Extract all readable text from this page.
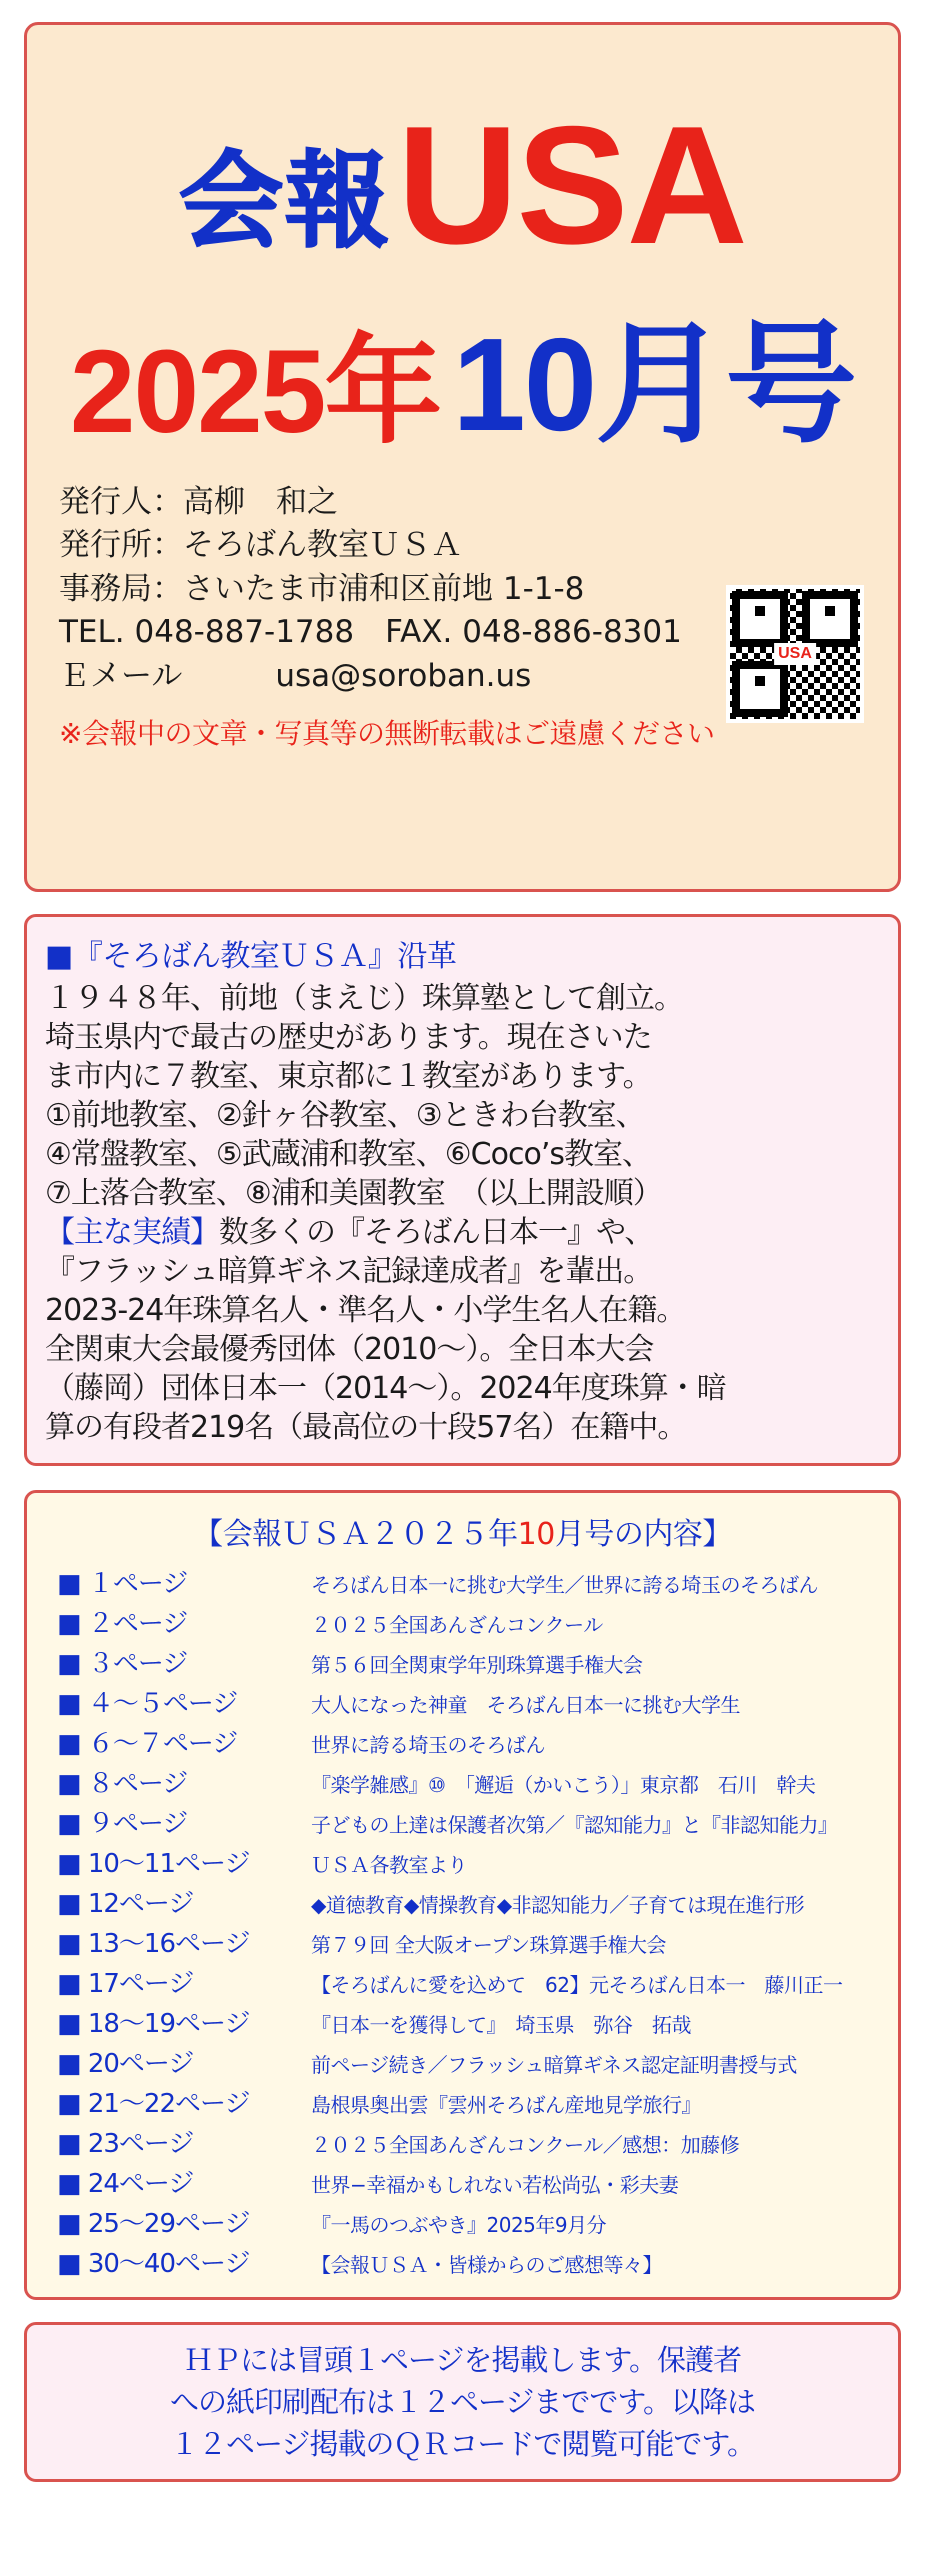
会報 USA
2025年 10月号
発行人：高柳　和之
発行所：そろばん教室ＵＳＡ
事務局：さいたま市浦和区前地 1-1-8
TEL. 048-887-1788　FAX. 048-886-8301
Ｅメール　　　usa@soroban.us
※会報中の文章・写真等の無断転載はご遠慮ください
USA
■『そろばん教室ＵＳＡ』沿革
１９４８年、前地（まえじ）珠算塾として創立。
埼玉県内で最古の歴史があります。現在さいた
ま市内に７教室、東京都に１教室があります。
①前地教室、②針ヶ谷教室、③ときわ台教室、
④常盤教室、⑤武蔵浦和教室、⑥Coco’s教室、
⑦上落合教室、⑧浦和美園教室　（以上開設順）
【主な実績】数多くの『そろばん日本一』や、
『フラッシュ暗算ギネス記録達成者』を輩出。
2023-24年珠算名人・準名人・小学生名人在籍。
全関東大会最優秀団体（2010〜）。全日本大会
（藤岡）団体日本一（2014〜）。2024年度珠算・暗
算の有段者219名（最高位の十段57名）在籍中。
【会報ＵＳＡ２０２５年10月号の内容】
■ １ページ	そろばん日本一に挑む大学生／世界に誇る埼玉のそろばん
■ ２ページ	２０２５全国あんざんコンクール
■ ３ページ	第５６回全関東学年別珠算選手権大会
■ ４〜５ページ	大人になった神童　そろばん日本一に挑む大学生
■ ６〜７ページ	世界に誇る埼玉のそろばん
■ ８ページ	『楽学雑感』⑩　「邂逅（かいこう）」東京都　石川　幹夫
■ ９ページ	子どもの上達は保護者次第／『認知能力』と『非認知能力』
■ 10〜11ページ	ＵＳＡ各教室より
■ 12ページ	◆道徳教育◆情操教育◆非認知能力／子育ては現在進行形
■ 13〜16ページ	第７９回 全大阪オープン珠算選手権大会
■ 17ページ	【そろばんに愛を込めて　62】元そろばん日本一　藤川正一
■ 18〜19ページ	『日本一を獲得して』　埼玉県　弥谷　拓哉
■ 20ページ	前ページ続き／フラッシュ暗算ギネス認定証明書授与式
■ 21〜22ページ	島根県奥出雲『雲州そろばん産地見学旅行』
■ 23ページ	２０２５全国あんざんコンクール／感想：加藤修
■ 24ページ	世界−幸福かもしれない若松尚弘・彩夫妻
■ 25〜29ページ	『一馬のつぶやき』2025年9月分
■ 30〜40ページ	【会報ＵＳＡ・皆様からのご感想等々】
ＨＰには冒頭１ページを掲載します。保護者
への紙印刷配布は１２ページまでです。以降は
１２ページ掲載のＱＲコードで閲覧可能です。
